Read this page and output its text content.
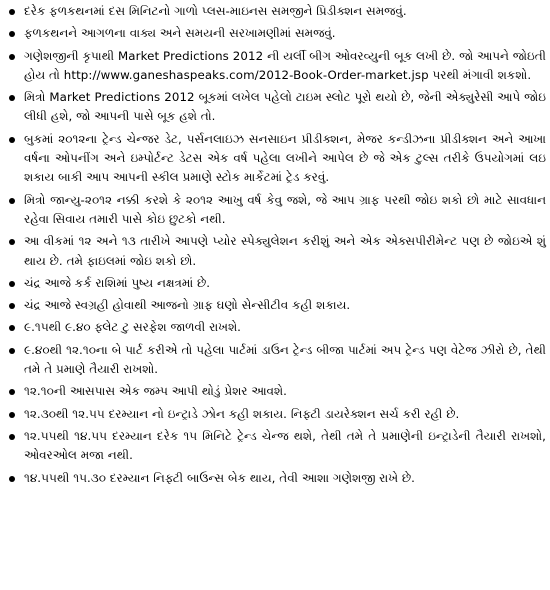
દરેક ફળકથનમાં દસ મિનિટનો ગાળો પ્લસ-માઇનસ સમજીને પ્રિડીક્શન સમજવું.
ફળકથનને આગળના વાક્ય અને સમયની સરખામણીમાં સમજવું.
ગણેશજીની કૃપાથી Market Predictions 2012 ની યર્લી બીગ ઓવરવ્યુની બૂક લખી છે. જો આપને જોઇતી હોય તો http://www.ganeshaspeaks.com/2012-Book-Order-market.jsp પરથી મંગાવી શકશો.
મિત્રો Market Predictions 2012 બૂકમાં લખેલ પહેલો ટાઇમ સ્લોટ પૂરો થયો છે, જેની એક્યુરેસી આપે જોઇ લીધી હશે, જો આપની પાસે બૂક હશે તો.
બુકમાં ૨૦૧૨ના ટ્રેન્ડ ચેન્જર ડેટ, પર્સનલાઇઝ સનસાઇન પ્રીડીક્શન, મેજર કન્ડીઝના પ્રીડીક્શન અને આખા વર્ષના ઓપનીંગ અને ઇમ્પોર્ટન્ટ ડેટસ એક વર્ષ પહેલા લખીને આપેલ છે જે એક ટુલ્સ તરીકે ઉપયોગમાં લઇ શકાય બાકી આપ આપની સ્કીલ પ્રમાણે સ્ટોક માર્કેટમાં ટ્રેડ કરવું.
મિત્રો જાન્યુ-૨૦૧૨ નક્કી કરશે કે ૨૦૧૨ આખુ વર્ષ કેવુ જશે, જે આપ ગ્રાફ પરથી જોઇ શકો છો માટે સાવધાન રહેવા સિવાય તમારી પાસે કોઇ છુટકો નથી.
આ વીકમાં ૧૨ અને ૧૩ તારીખે આપણે પ્યોર સ્પેક્યુલેશન કરીશું અને એક એક્સપીરીમેન્ટ પણ છે જોઇએ શું થાય છે. તમે ફાઇલમાં જોઇ શકો છો.
ચંદ્ર આજે કર્ક રાશિમાં પુષ્ય નક્ષત્રમાં છે.
ચંદ્ર આજે સ્વગ્રહી હોવાથી આજનો ગ્રાફ ઘણો સેન્સીટીવ કહી શકાય.
૯.૧૫થી ૯.૪૦ ફ્લેટ ટુ સરફેશ જાળવી રાખશે.
૯.૪૦થી ૧૨.૧૦ના બે પાર્ટ કરીએ તો પહેલા પાર્ટમાં ડાઉન ટ્રેન્ડ બીજા પાર્ટમાં અપ ટ્રેન્ડ પણ વેટેજ ઝીરો છે, તેથી તમે તે પ્રમાણે તૈયારી રાખશો.
૧૨.૧૦ની આસપાસ એક જમ્પ આપી થોડું પ્રેશર આવશે.
૧૨.૩૦થી ૧૨.૫૫ દરમ્યાન નો ઇન્ટ્રાડે ઝોન કહી શકાય. નિફ્ટી ડાયરેક્શન સર્ચ કરી રહી છે.
૧૨.૫૫થી ૧૪.૫૫ દરમ્યાન દરેક ૧૫ મિનિટે ટ્રેન્ડ ચેન્જ થશે, તેથી તમે તે પ્રમાણેની ઇન્ટ્રાડેની તૈયારી રાખશો, ઓવરઓલ મજા નથી.
૧૪.૫૫થી ૧૫.૩૦ દરમ્યાન નિફ્ટી બાઉન્સ બેક થાય, તેવી આશા ગણેશજી રાખે છે.
